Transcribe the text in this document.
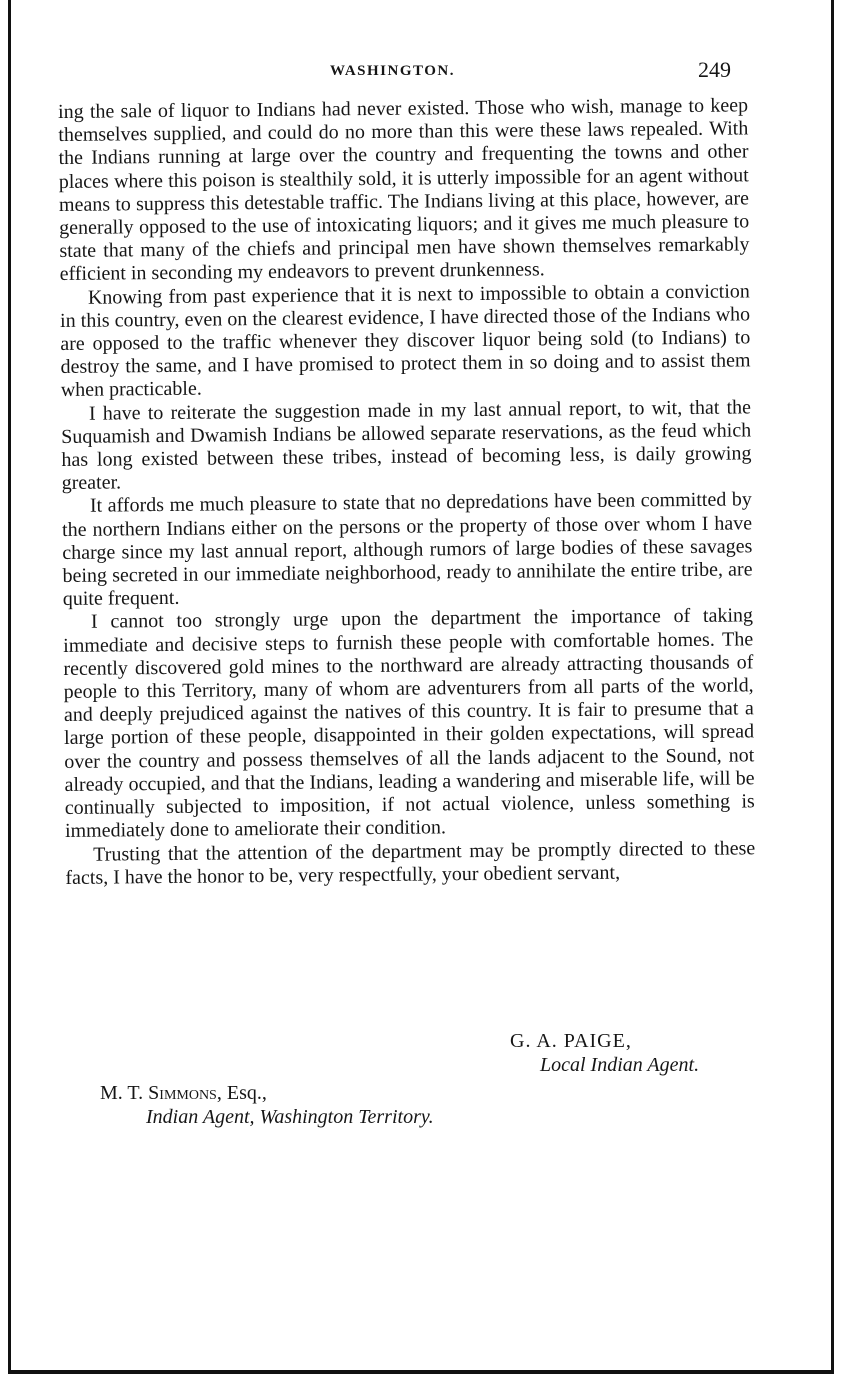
WASHINGTON.	249

ing the sale of liquor to Indians had never existed. Those who wish, manage to keep themselves supplied, and could do no more than this were these laws repealed. With the Indians running at large over the country and frequenting the towns and other places where this poison is stealthily sold, it is utterly impossible for an agent without means to suppress this detestable traffic. The Indians living at this place, however, are generally opposed to the use of intoxicating liquors; and it gives me much pleasure to state that many of the chiefs and principal men have shown themselves remarkably efficient in seconding my endeavors to prevent drunkenness.

Knowing from past experience that it is next to impossible to obtain a conviction in this country, even on the clearest evidence, I have directed those of the Indians who are opposed to the traffic whenever they discover liquor being sold (to Indians) to destroy the same, and I have promised to protect them in so doing and to assist them when practicable.

I have to reiterate the suggestion made in my last annual report, to wit, that the Suquamish and Dwamish Indians be allowed separate reservations, as the feud which has long existed between these tribes, instead of becoming less, is daily growing greater.

It affords me much pleasure to state that no depredations have been committed by the northern Indians either on the persons or the property of those over whom I have charge since my last annual report, although rumors of large bodies of these savages being secreted in our immediate neighborhood, ready to annihilate the entire tribe, are quite frequent.

I cannot too strongly urge upon the department the importance of taking immediate and decisive steps to furnish these people with comfortable homes. The recently discovered gold mines to the northward are already attracting thousands of people to this Territory, many of whom are adventurers from all parts of the world, and deeply prejudiced against the natives of this country. It is fair to presume that a large portion of these people, disappointed in their golden expectations, will spread over the country and possess themselves of all the lands adjacent to the Sound, not already occupied, and that the Indians, leading a wandering and miserable life, will be continually subjected to imposition, if not actual violence, unless something is immediately done to ameliorate their condition.

Trusting that the attention of the department may be promptly directed to these facts, I have the honor to be, very respectfully, your obedient servant,

G. A. PAIGE,
Local Indian Agent.
M. T. Simmons, Esq.,
Indian Agent, Washington Territory.
